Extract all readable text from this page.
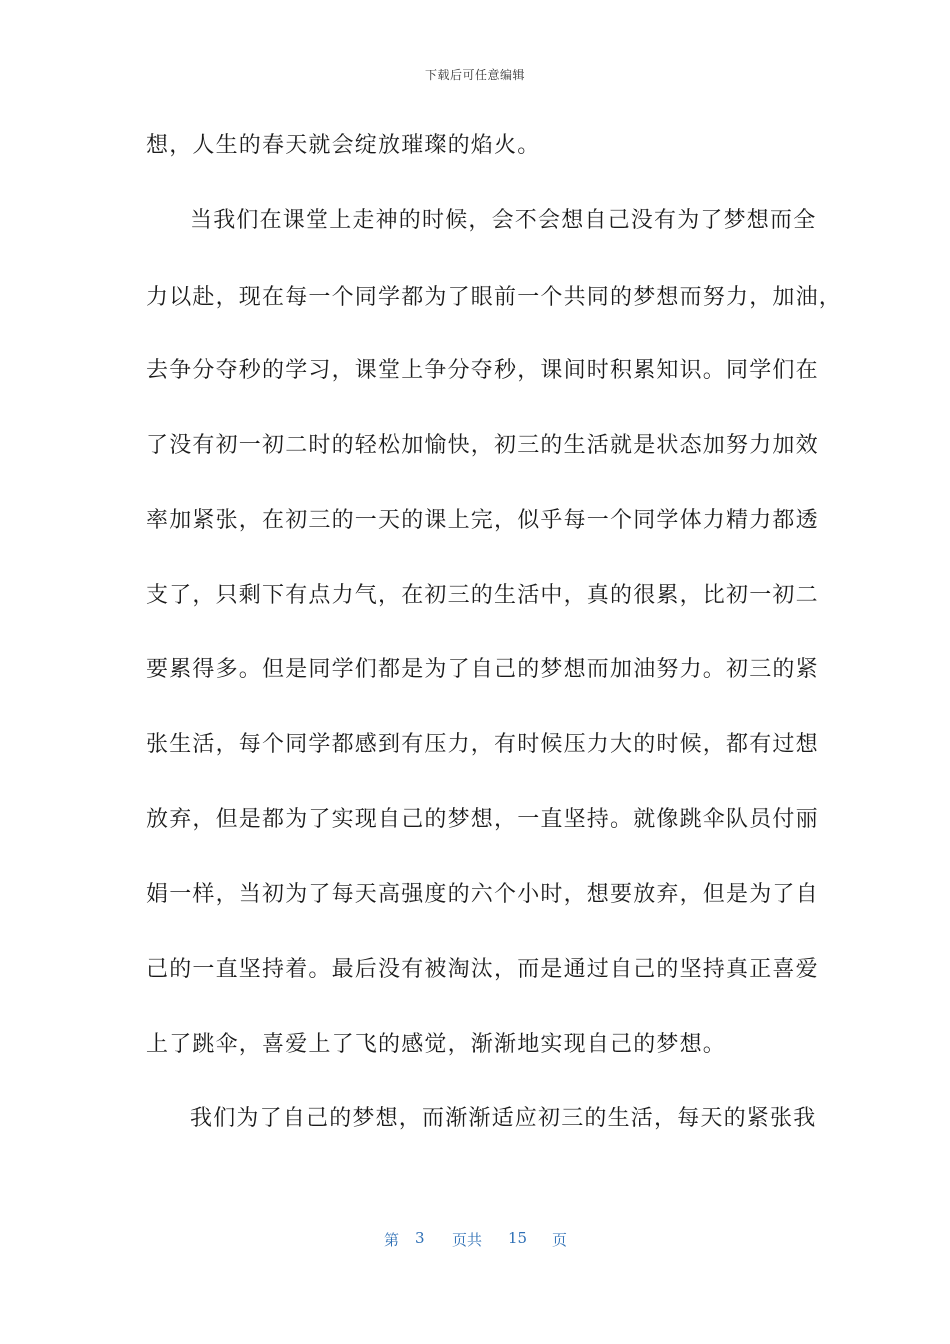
下载后可任意编辑
想，人生的春天就会绽放璀璨的焰火。
当我们在课堂上走神的时候，会不会想自己没有为了梦想而全
力以赴，现在每一个同学都为了眼前一个共同的梦想而努力，加油，
去争分夺秒的学习，课堂上争分夺秒，课间时积累知识。同学们在
了没有初一初二时的轻松加愉快，初三的生活就是状态加努力加效
率加紧张，在初三的一天的课上完，似乎每一个同学体力精力都透
支了，只剩下有点力气，在初三的生活中，真的很累，比初一初二
要累得多。但是同学们都是为了自己的梦想而加油努力。初三的紧
张生活，每个同学都感到有压力，有时候压力大的时候，都有过想
放弃，但是都为了实现自己的梦想，一直坚持。就像跳伞队员付丽
娟一样，当初为了每天高强度的六个小时，想要放弃，但是为了自
己的一直坚持着。最后没有被淘汰，而是通过自己的坚持真正喜爱
上了跳伞，喜爱上了飞的感觉，渐渐地实现自己的梦想。
我们为了自己的梦想，而渐渐适应初三的生活，每天的紧张我
第 3 页共 15 页
